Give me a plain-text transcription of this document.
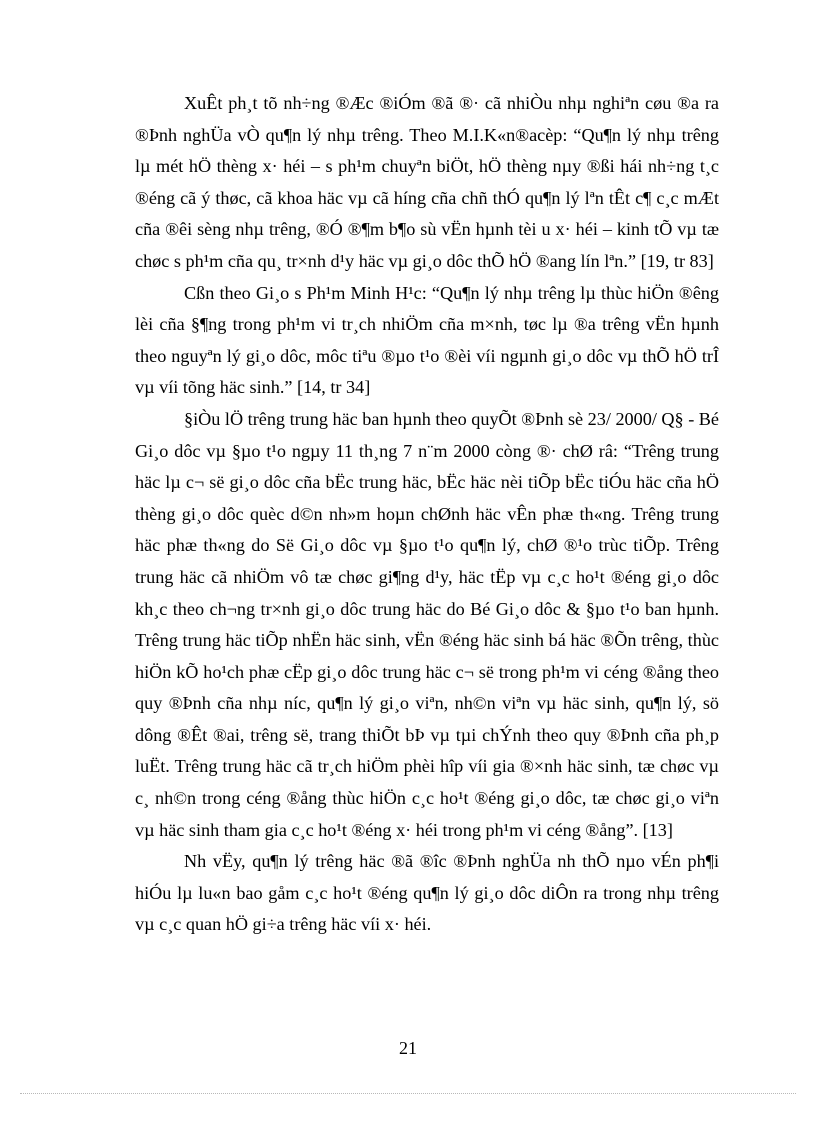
XuÊt ph¸t tõ nh÷ng ®Æc ®iÓm ®ã ®· cã nhiÒu nhµ nghiªn cøu ®a ra ®Þnh nghÜa vÒ qu¶n lý nhµ trêng. Theo M.I.K«n®acèp: “Qu¶n lý nhµ trêng lµ mét hÖ thèng x· héi – s ph¹m chuyªn biÖt, hÖ thèng nµy ®ßi hái nh÷ng t¸c ®éng cã ý thøc, cã khoa häc vµ cã híng cña chñ thÓ qu¶n lý lªn tÊt c¶ c¸c mÆt cña ®êi sèng nhµ trêng, ®Ó ®¶m b¶o sù vËn hµnh tèi u x· héi – kinh tÕ vµ tæ chøc s ph¹m cña qu¸ tr×nh d¹y häc vµ gi¸o dôc thÕ hÖ ®ang lín lªn.” [19, tr 83]

Cßn theo Gi¸o s Ph¹m Minh H¹c: “Qu¶n lý nhµ trêng lµ thùc hiÖn ®êng lèi cña §¶ng trong ph¹m vi tr¸ch nhiÖm cña m×nh, tøc lµ ®a trêng vËn hµnh theo nguyªn lý gi¸o dôc, môc tiªu ®µo t¹o ®èi víi ngµnh gi¸o dôc vµ thÕ hÖ trÎ vµ víi tõng häc sinh.” [14, tr 34]

§iÒu lÖ trêng trung häc ban hµnh theo quyÕt ®Þnh sè 23/ 2000/ Q§ - Bé Gi¸o dôc vµ §µo t¹o ngµy 11 th¸ng 7 n¨m 2000 còng ®· chØ râ: “Trêng trung häc lµ c¬ së gi¸o dôc cña bËc trung häc, bËc häc nèi tiÕp bËc tiÓu häc cña hÖ thèng gi¸o dôc quèc d©n nh»m hoµn chØnh häc vÊn phæ th«ng. Trêng trung häc phæ th«ng do Së Gi¸o dôc vµ §µo t¹o qu¶n lý, chØ ®¹o trùc tiÕp. Trêng trung häc cã nhiÖm vô tæ chøc gi¶ng d¹y, häc tËp vµ c¸c ho¹t ®éng gi¸o dôc kh¸c theo ch¬ng tr×nh gi¸o dôc trung häc do Bé Gi¸o dôc & §µo t¹o ban hµnh. Trêng trung häc tiÕp nhËn häc sinh, vËn ®éng häc sinh bá häc ®Õn trêng, thùc hiÖn kÕ ho¹ch phæ cËp gi¸o dôc trung häc c¬ së trong ph¹m vi céng ®ång theo quy ®Þnh cña nhµ níc, qu¶n lý gi¸o viªn, nh©n viªn vµ häc sinh, qu¶n lý, sö dông ®Êt ®ai, trêng së, trang thiÕt bÞ vµ tµi chÝnh theo quy ®Þnh cña ph¸p luËt. Trêng trung häc cã tr¸ch hiÖm phèi hîp víi gia ®×nh häc sinh, tæ chøc vµ c¸ nh©n trong céng ®ång thùc hiÖn c¸c ho¹t ®éng gi¸o dôc, tæ chøc gi¸o viªn vµ häc sinh tham gia c¸c ho¹t ®éng x· héi trong ph¹m vi céng ®ång”. [13]

Nh vËy, qu¶n lý trêng häc ®ã ®îc ®Þnh nghÜa nh thÕ nµo vÉn ph¶i hiÓu lµ lu«n bao gåm c¸c ho¹t ®éng qu¶n lý gi¸o dôc diÔn ra trong nhµ trêng vµ c¸c quan hÖ gi÷a trêng häc víi x· héi.

21
